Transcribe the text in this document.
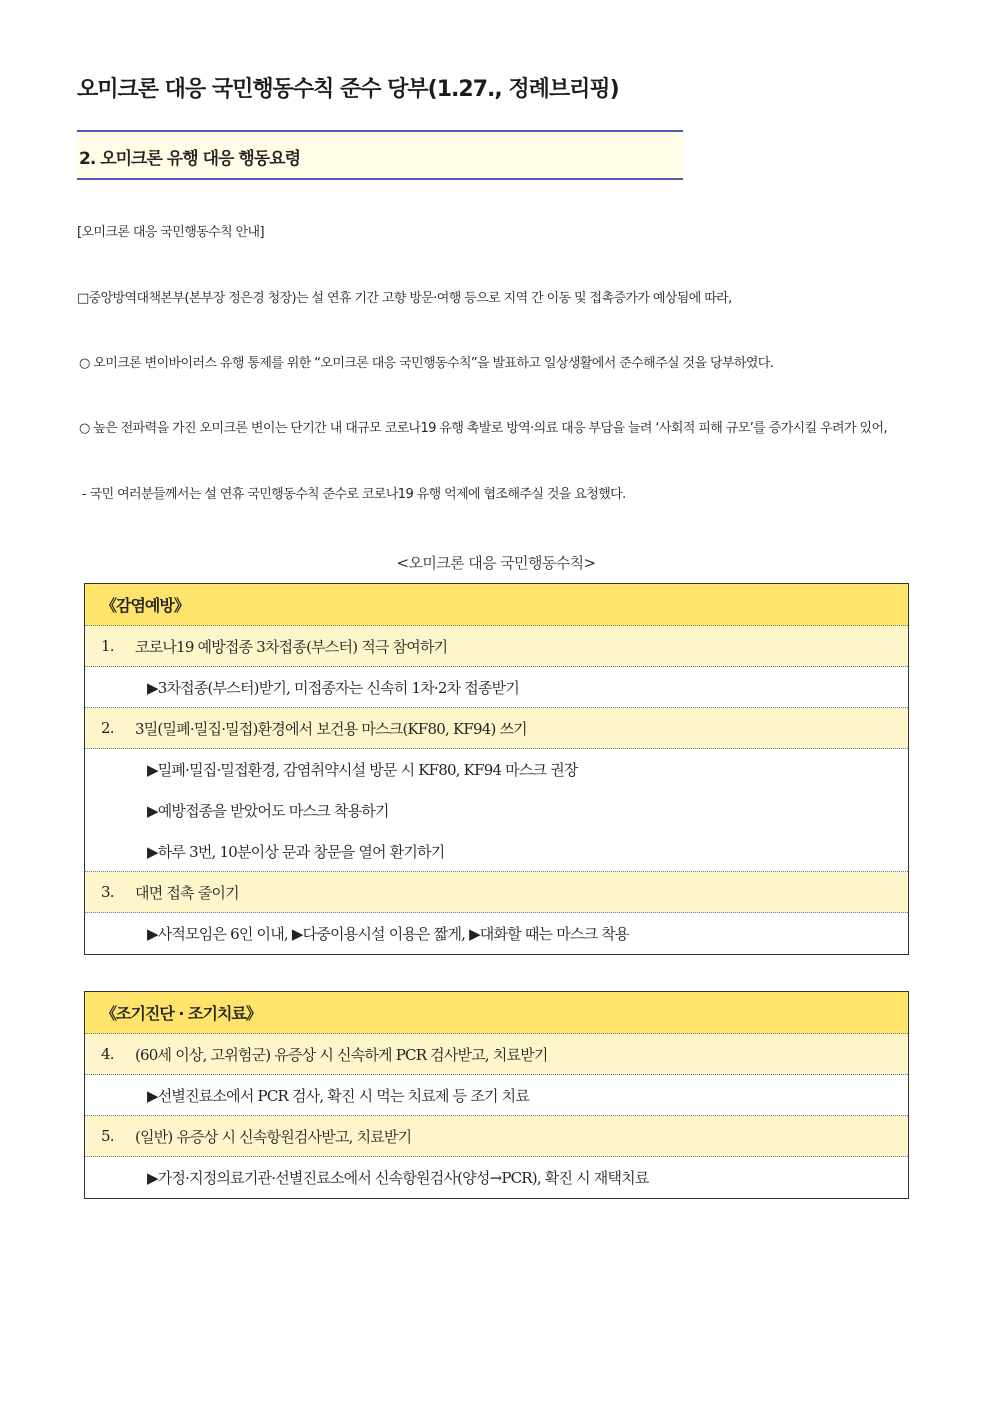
오미크론 대응 국민행동수칙 준수 당부(1.27., 정례브리핑)
2. 오미크론 유행 대응 행동요령
[오미크론 대응 국민행동수칙 안내]
□중앙방역대책본부(본부장 정은경 청장)는 설 연휴 기간 고향 방문·여행 등으로 지역 간 이동 및 접촉증가가 예상됨에 따라,
○ 오미크론 변이바이러스 유행 통제를 위한 “오미크론 대응 국민행동수칙”을 발표하고 일상생활에서 준수해주실 것을 당부하였다.
○ 높은 전파력을 가진 오미크론 변이는 단기간 내 대규모 코로나19 유행 촉발로 방역·의료 대응 부담을 늘려 ‘사회적 피해 규모’를 증가시킬 우려가 있어,
- 국민 여러분들께서는 설 연휴 국민행동수칙 준수로 코로나19 유행 억제에 협조해주실 것을 요청했다.
<오미크론 대응 국민행동수칙>
《감염예방》
1.	코로나19 예방접종 3차접종(부스터) 적극 참여하기
▶3차접종(부스터)받기, 미접종자는 신속히 1차·2차 접종받기
2.	3밀(밀폐·밀집·밀접)환경에서 보건용 마스크(KF80, KF94) 쓰기
▶밀폐·밀집·밀접환경, 감염취약시설 방문 시 KF80, KF94 마스크 권장
▶예방접종을 받았어도 마스크 착용하기
▶하루 3번, 10분이상 문과 창문을 열어 환기하기
3.	대면 접촉 줄이기
▶사적모임은 6인 이내, ▶다중이용시설 이용은 짧게, ▶대화할 때는 마스크 착용
《조기진단 · 조기치료》
4.	(60세 이상, 고위험군) 유증상 시 신속하게 PCR 검사받고, 치료받기
▶선별진료소에서 PCR 검사, 확진 시 먹는 치료제 등 조기 치료
5.	(일반) 유증상 시 신속항원검사받고, 치료받기
▶가정·지정의료기관·선별진료소에서 신속항원검사(양성→PCR), 확진 시 재택치료
